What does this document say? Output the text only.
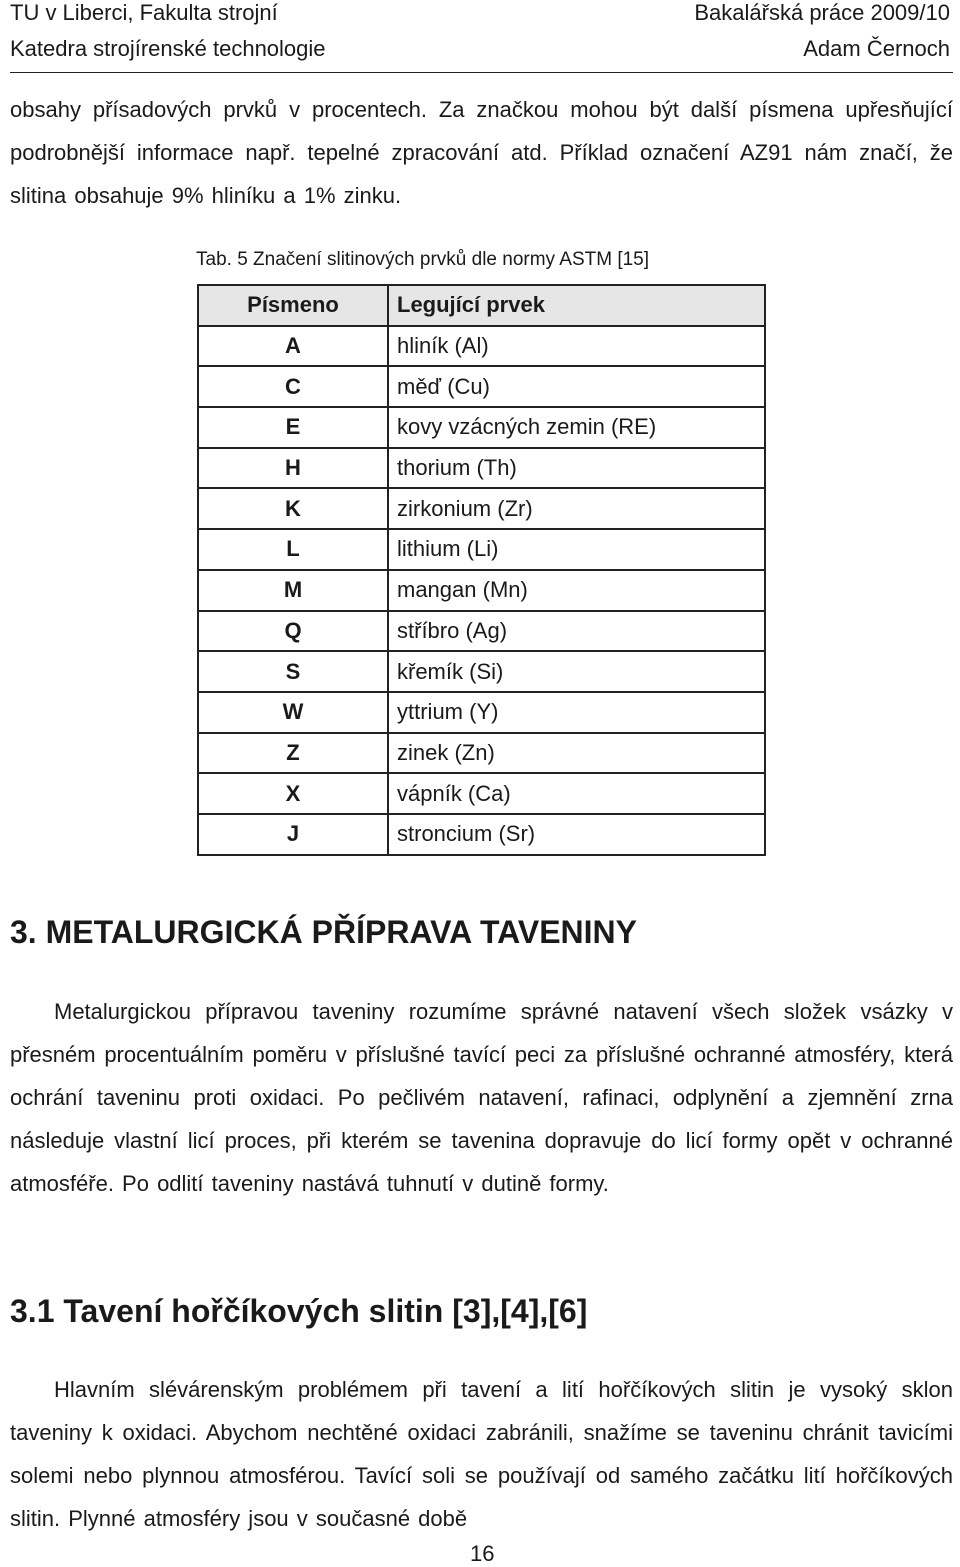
TU v Liberci, Fakulta strojní	Bakalářská práce 2009/10
Katedra strojírenské technologie	Adam Černoch

obsahy přísadových prvků v procentech. Za značkou mohou být další písmena upřesňující podrobnější informace např. tepelné zpracování atd. Příklad označení AZ91 nám značí, že slitina obsahuje 9% hliníku a 1% zinku.

Tab. 5 Značení slitinových prvků dle normy ASTM [15]
Písmeno	Legující prvek
A	hliník (Al)
C	měď (Cu)
E	kovy vzácných zemin (RE)
H	thorium (Th)
K	zirkonium (Zr)
L	lithium (Li)
M	mangan (Mn)
Q	stříbro (Ag)
S	křemík (Si)
W	yttrium (Y)
Z	zinek (Zn)
X	vápník (Ca)
J	stroncium (Sr)
3. METALURGICKÁ PŘÍPRAVA TAVENINY

Metalurgickou přípravou taveniny rozumíme správné natavení všech složek vsázky v přesném procentuálním poměru v příslušné tavící peci za příslušné ochranné atmosféry, která ochrání taveninu proti oxidaci. Po pečlivém natavení, rafinaci, odplynění a zjemnění zrna následuje vlastní licí proces, při kterém se tavenina dopravuje do licí formy opět v ochranné atmosféře. Po odlití taveniny nastává tuhnutí v dutině formy.

3.1 Tavení hořčíkových slitin [3],[4],[6]

Hlavním slévárenským problémem při tavení a lití hořčíkových slitin je vysoký sklon taveniny k oxidaci. Abychom nechtěné oxidaci zabránili, snažíme se taveninu chránit tavicími solemi nebo plynnou atmosférou. Tavící soli se používají od samého začátku lití hořčíkových slitin. Plynné atmosféry jsou v současné době

16
